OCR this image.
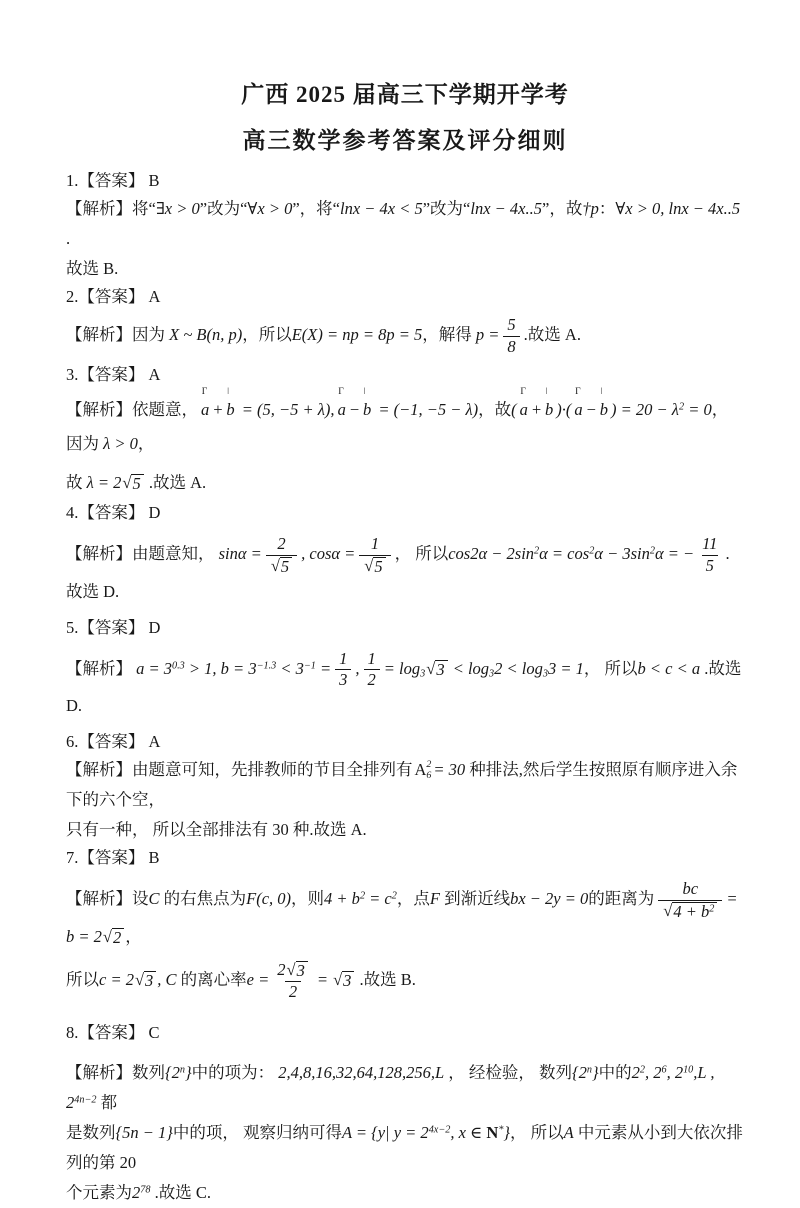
广西 2025 届高三下学期开学考
高三数学参考答案及评分细则
1.【答案】 B
【解析】将“∃x > 0”改为“∀x > 0”，将“lnx − 4x < 5”改为“lnx − 4x..5”，故†p：∀x > 0, lnx − 4x..5 .
故选 B.
2.【答案】 A
【解析】因为 X ~ B(n, p)，所以E(X) = np = 8p = 5，解得 $p = \frac{5}{8}$ .故选 A.
3.【答案】 A
【解析】依题意，
Γ
a +
ǀ
b = (5, −5 + λ),
Γ
a −
ǀ
b = (−1, −5 − λ)，故(
Γ
a +
ǀ
b )·(
Γ
a −
ǀ
b ) = $20 - \lambda^2 = 0$，因为 λ > 0，
故 λ = 2 √ 5 .故选 A.
4.【答案】 D
【解析】由题意知， $\sin\alpha = \frac{2}{√ 5}$ , $\cos\alpha = \frac{1}{√ 5}$ ， 所以$\cos 2\alpha - 2\sin^2\alpha = \cos^2\alpha - 3\sin^2\alpha$ = − $\frac{11}{5}$ .故选 D.
5.【答案】 D
【解析】 $a = 3^{0.3} > 1$, $b = 3^{-1.3} < 3^{-1} = \frac{1}{3}$ , $\frac{1}{2} = \log 3$ √ 3 < log32 < log33 = 1， 所以b < c < a .故选 D.
6.【答案】 A
【解析】由题意可知，先排教师的节目全排列有 A 2
6 = 30 种排法,然后学生按照原有顺序进入余下的六个空，
只有一种， 所以全部排法有 30 种.故选 A.
7.【答案】 B
【解析】设C 的右焦点为F(c, 0)，则$4 + b^2 = c^2$，点F 到渐近线bx − 2y = 0的距离为 $\frac{bc}{√ 4 + b^2} = b = 2$ √ 2 ，
所以c = 2 √ 3 , C 的离心率$e = \frac{2 √ 3}{2}$ = √ 3 .故选 B.
8.【答案】 C
【解析】数列{2$^n$}中的项为： 2,4,8,16,32,64,128,256,L ， 经检验， 数列{2$^n$}中的$2^2$, $2^6$, $2^{10},L$ , $2^{4n-2}$ 都
是数列{5n − 1}中的项， 观察归纳可得A = {y| $y = 2^{4x-2}$, x ∈ N*}， 所以A 中元素从小到大依次排列的第 20
个元素为$2^{78}$ .故选 C.
